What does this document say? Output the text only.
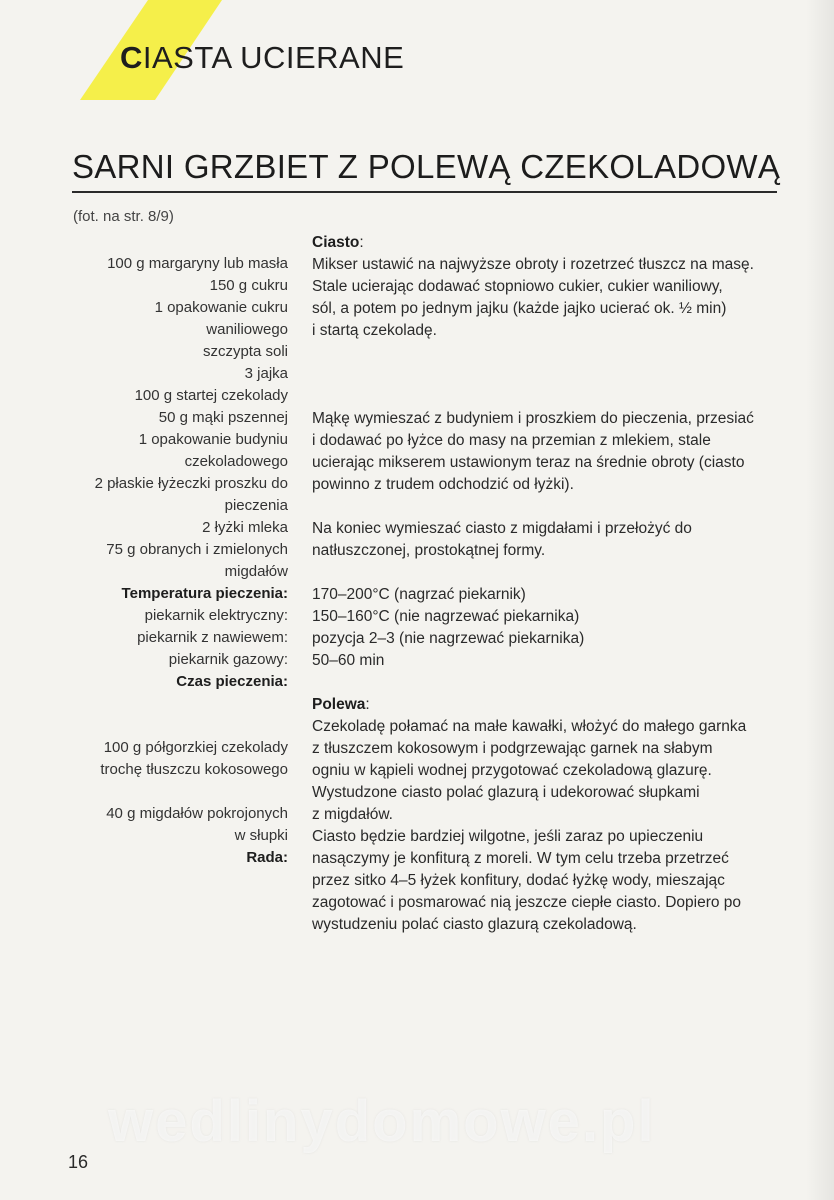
CIASTA UCIERANE
SARNI GRZBIET Z POLEWĄ CZEKOLADOWĄ
(fot. na str. 8/9)
100 g margaryny lub masła
150 g cukru
1 opakowanie cukru
waniliowego
szczypta soli
3 jajka
100 g startej czekolady
50 g mąki pszennej
1 opakowanie budyniu
czekoladowego
2 płaskie łyżeczki proszku do
pieczenia
2 łyżki mleka
75 g obranych i zmielonych
migdałów
Temperatura pieczenia:
piekarnik elektryczny:
piekarnik z nawiewem:
piekarnik gazowy:
Czas pieczenia:
100 g półgorzkiej czekolady
trochę tłuszczu kokosowego
40 g migdałów pokrojonych
w słupki
Rada:
Ciasto:
Mikser ustawić na najwyższe obroty i rozetrzeć tłuszcz na masę.
Stale ucierając dodawać stopniowo cukier, cukier waniliowy,
sól, a potem po jednym jajku (każde jajko ucierać ok. ½ min)
i startą czekoladę.
Mąkę wymieszać z budyniem i proszkiem do pieczenia, przesiać
i dodawać po łyżce do masy na przemian z mlekiem, stale
ucierając mikserem ustawionym teraz na średnie obroty (ciasto
powinno z trudem odchodzić od łyżki).
Na koniec wymieszać ciasto z migdałami i przełożyć do
natłuszczonej, prostokątnej formy.
170–200°C (nagrzać piekarnik)
150–160°C (nie nagrzewać piekarnika)
pozycja 2–3 (nie nagrzewać piekarnika)
50–60 min
Polewa:
Czekoladę połamać na małe kawałki, włożyć do małego garnka
z tłuszczem kokosowym i podgrzewając garnek na słabym
ogniu w kąpieli wodnej przygotować czekoladową glazurę.
Wystudzone ciasto polać glazurą i udekorować słupkami
z migdałów.
Ciasto będzie bardziej wilgotne, jeśli zaraz po upieczeniu
nasączymy je konfiturą z moreli. W tym celu trzeba przetrzeć
przez sitko 4–5 łyżek konfitury, dodać łyżkę wody, mieszając
zagotować i posmarować nią jeszcze ciepłe ciasto. Dopiero po
wystudzeniu polać ciasto glazurą czekoladową.
wedlinydomowe.pl
16
